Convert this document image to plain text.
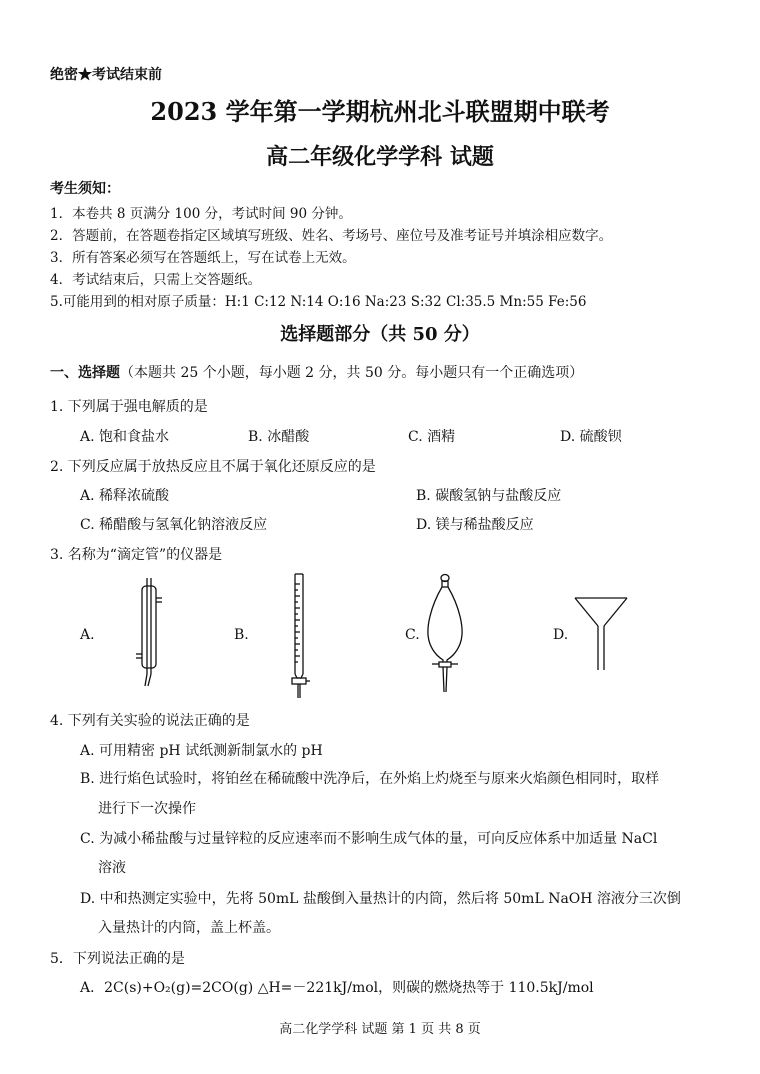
绝密★考试结束前
2023 学年第一学期杭州北斗联盟期中联考
高二年级化学学科 试题
考生须知：
1．本卷共 8 页满分 100 分，考试时间 90 分钟。
2．答题前，在答题卷指定区域填写班级、姓名、考场号、座位号及准考证号并填涂相应数字。
3．所有答案必须写在答题纸上，写在试卷上无效。
4．考试结束后，只需上交答题纸。
5.可能用到的相对原子质量：H:1 C:12 N:14 O:16 Na:23 S:32 Cl:35.5 Mn:55 Fe:56
选择题部分（共 50 分）
一、选择题（本题共 25 个小题，每小题 2 分，共 50 分。每小题只有一个正确选项）
1. 下列属于强电解质的是
A. 饱和食盐水	B. 冰醋酸	C. 酒精	D. 硫酸钡
2. 下列反应属于放热反应且不属于氧化还原反应的是
A. 稀释浓硫酸	B. 碳酸氢钠与盐酸反应
C. 稀醋酸与氢氧化钠溶液反应	D. 镁与稀盐酸反应
3. 名称为“滴定管”的仪器是
A.	B.	C.	D.
4. 下列有关实验的说法正确的是
A. 可用精密 pH 试纸测新制氯水的 pH
B. 进行焰色试验时，将铂丝在稀硫酸中洗净后，在外焰上灼烧至与原来火焰颜色相同时，取样
进行下一次操作
C. 为减小稀盐酸与过量锌粒的反应速率而不影响生成气体的量，可向反应体系中加适量 NaCl
溶液
D. 中和热测定实验中，先将 50mL 盐酸倒入量热计的内筒，然后将 50mL NaOH 溶液分三次倒
入量热计的内筒，盖上杯盖。
5．下列说法正确的是
A．2C(s)+O₂(g)=2CO(g) △H=－221kJ/mol，则碳的燃烧热等于 110.5kJ/mol
高二化学学科 试题 第 1 页 共 8 页
